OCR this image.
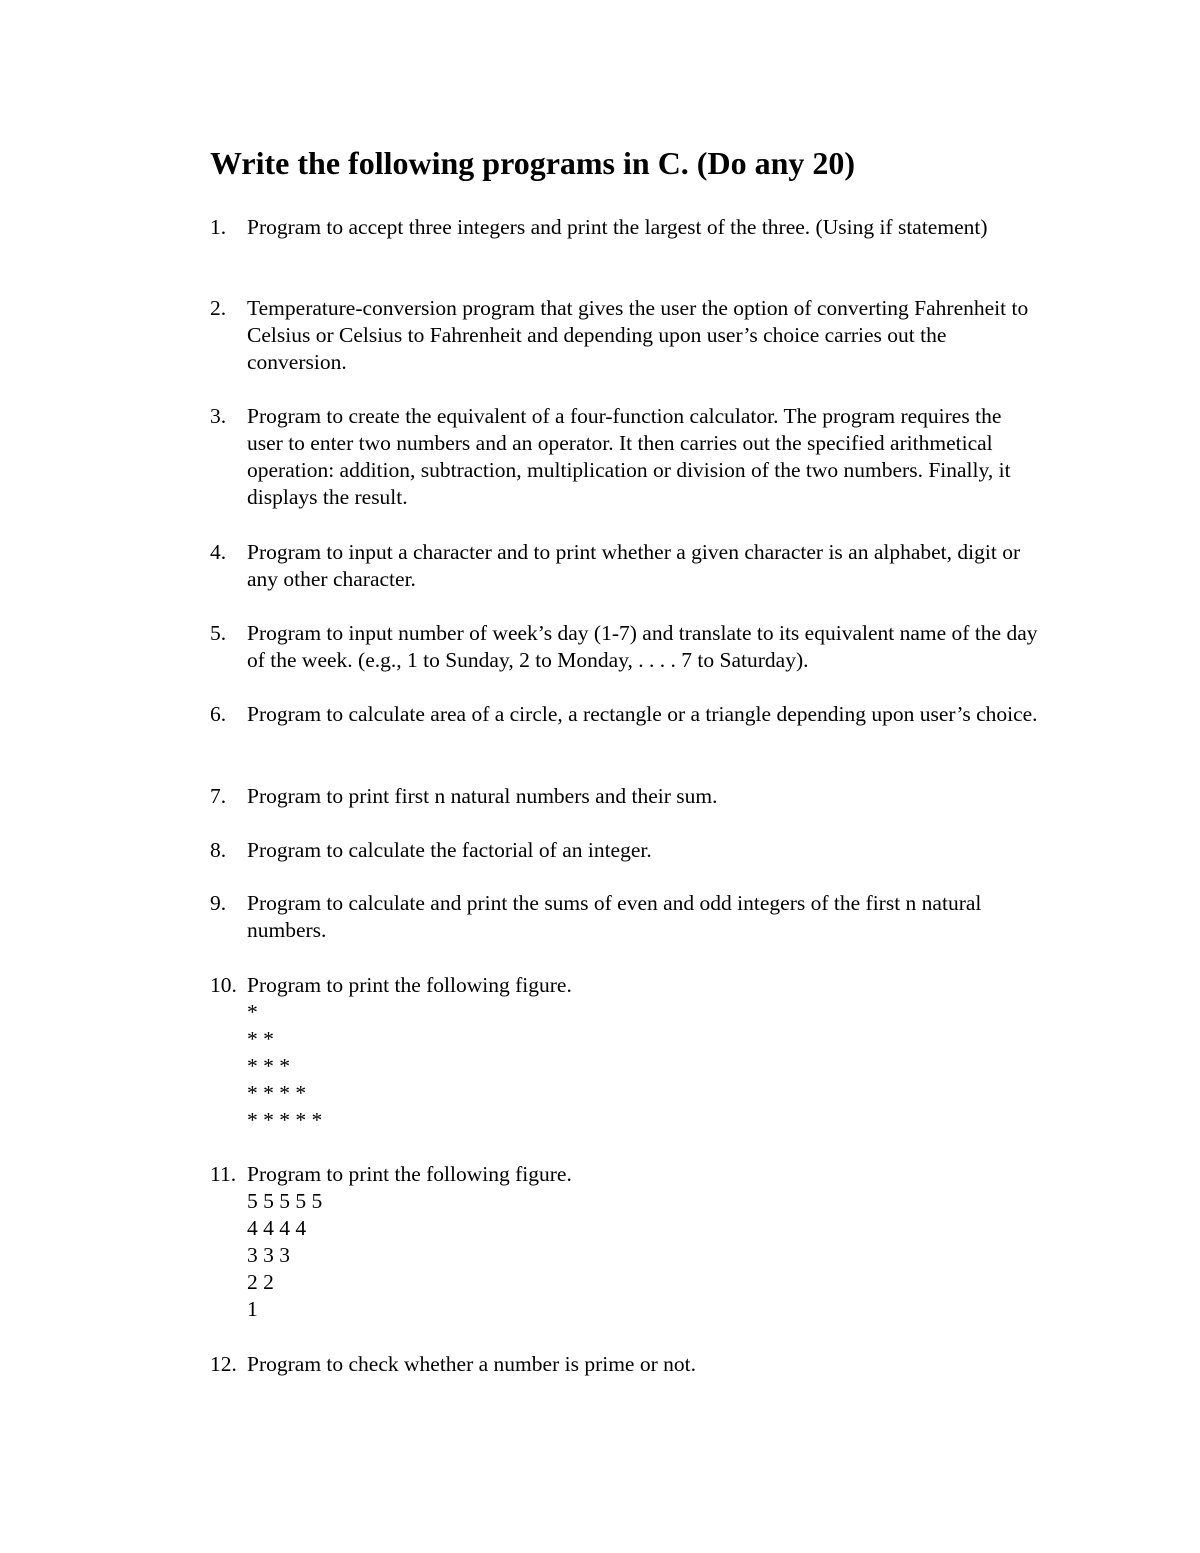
Write the following programs in C. (Do any 20)
1. Program to accept three integers and print the largest of the three. (Using if statement)
2. Temperature-conversion program that gives the user the option of converting Fahrenheit to Celsius or Celsius to Fahrenheit and depending upon user’s choice carries out the conversion.
3. Program to create the equivalent of a four-function calculator. The program requires the user to enter two numbers and an operator. It then carries out the specified arithmetical operation: addition, subtraction, multiplication or division of the two numbers. Finally, it displays the result.
4. Program to input a character and to print whether a given character is an alphabet, digit or any other character.
5. Program to input number of week’s day (1-7) and translate to its equivalent name of the day of the week. (e.g., 1 to Sunday, 2 to Monday, . . . . 7 to Saturday).
6. Program to calculate area of a circle, a rectangle or a triangle depending upon user’s choice.
7. Program to print first n natural numbers and their sum.
8. Program to calculate the factorial of an integer.
9. Program to calculate and print the sums of even and odd integers of the first n natural numbers.
10. Program to print the following figure.
*
* *
* * *
* * * *
* * * * *
11. Program to print the following figure.
5 5 5 5 5
4 4 4 4
3 3 3
2 2
1
12. Program to check whether a number is prime or not.
